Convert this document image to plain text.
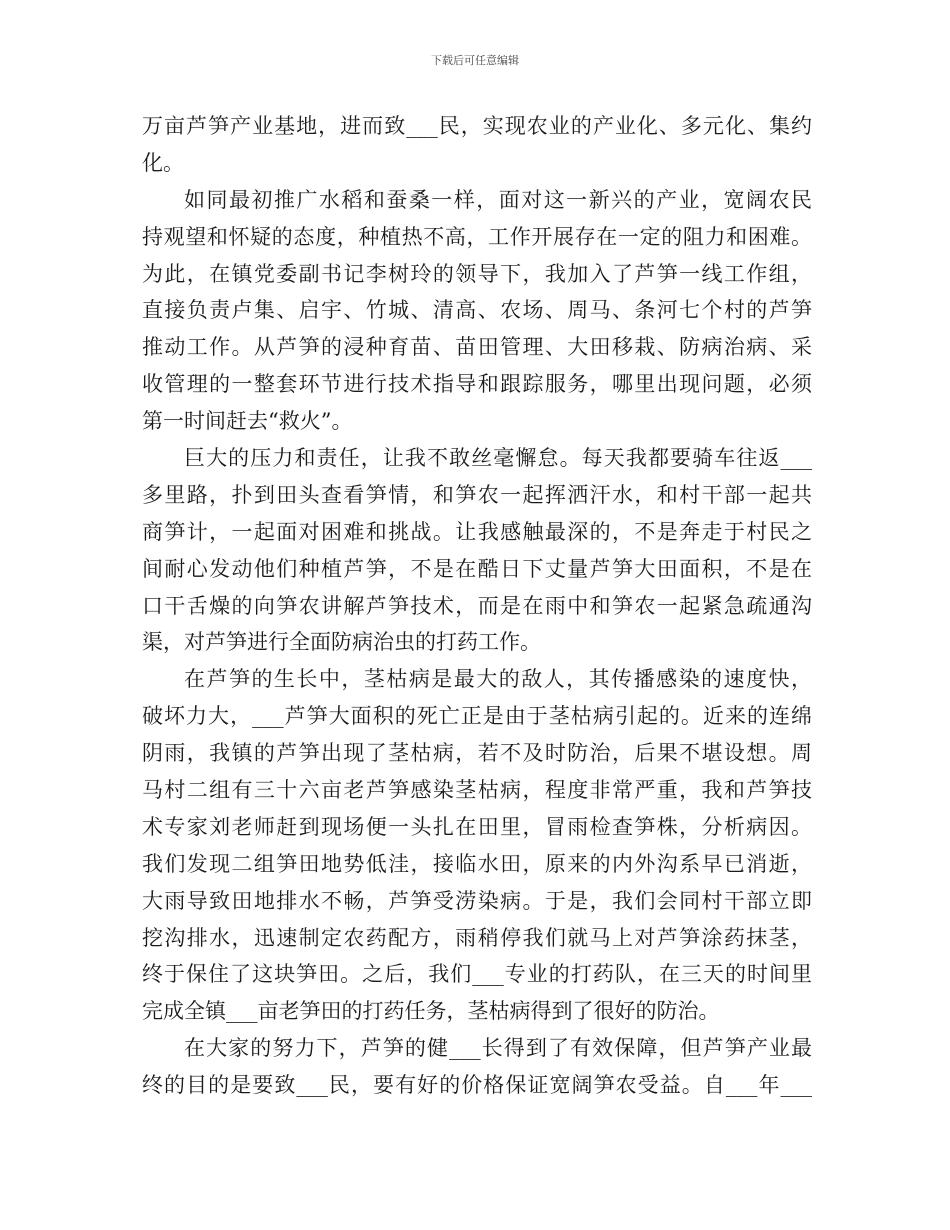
下载后可任意编辑
万亩芦笋产业基地，进而致___民，实现农业的产业化、多元化、集约
化。
如同最初推广水稻和蚕桑一样，面对这一新兴的产业，宽阔农民
持观望和怀疑的态度，种植热不高，工作开展存在一定的阻力和困难。
为此，在镇党委副书记李树玲的领导下，我加入了芦笋一线工作组，
直接负责卢集、启宇、竹城、清高、农场、周马、条河七个村的芦笋
推动工作。从芦笋的浸种育苗、苗田管理、大田移栽、防病治病、采
收管理的一整套环节进行技术指导和跟踪服务，哪里出现问题，必须
第一时间赶去“救火”。
巨大的压力和责任，让我不敢丝毫懈怠。每天我都要骑车往返___
多里路，扑到田头查看笋情，和笋农一起挥洒汗水，和村干部一起共
商笋计，一起面对困难和挑战。让我感触最深的，不是奔走于村民之
间耐心发动他们种植芦笋，不是在酷日下丈量芦笋大田面积，不是在
口干舌燥的向笋农讲解芦笋技术，而是在雨中和笋农一起紧急疏通沟
渠，对芦笋进行全面防病治虫的打药工作。
在芦笋的生长中，茎枯病是最大的敌人，其传播感染的速度快，
破坏力大，___芦笋大面积的死亡正是由于茎枯病引起的。近来的连绵
阴雨，我镇的芦笋出现了茎枯病，若不及时防治，后果不堪设想。周
马村二组有三十六亩老芦笋感染茎枯病，程度非常严重，我和芦笋技
术专家刘老师赶到现场便一头扎在田里，冒雨检查笋株，分析病因。
我们发现二组笋田地势低洼，接临水田，原来的内外沟系早已消逝，
大雨导致田地排水不畅，芦笋受涝染病。于是，我们会同村干部立即
挖沟排水，迅速制定农药配方，雨稍停我们就马上对芦笋涂药抹茎，
终于保住了这块笋田。之后，我们___专业的打药队，在三天的时间里
完成全镇___亩老笋田的打药任务，茎枯病得到了很好的防治。
在大家的努力下，芦笋的健___长得到了有效保障，但芦笋产业最
终的目的是要致___民，要有好的价格保证宽阔笋农受益。自___年___
